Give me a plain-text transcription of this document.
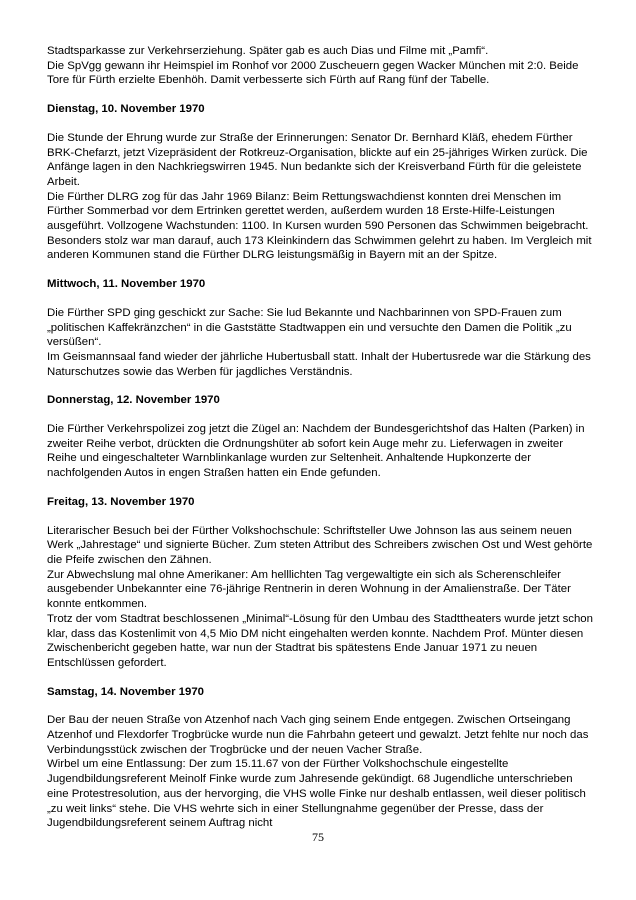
Stadtsparkasse zur Verkehrserziehung. Später gab es auch Dias und Filme mit „Pamfi“.

Die SpVgg gewann ihr Heimspiel im Ronhof vor 2000 Zuscheuern gegen Wacker München mit 2:0. Beide Tore für Fürth erzielte Ebenhöh. Damit verbesserte sich Fürth auf Rang fünf der Tabelle.

Dienstag, 10. November 1970

Die Stunde der Ehrung wurde zur Straße der Erinnerungen: Senator Dr. Bernhard Kläß, ehedem Fürther BRK-Chefarzt, jetzt Vizepräsident der Rotkreuz-Organisation, blickte auf ein 25-jähriges Wirken zurück. Die Anfänge lagen in den Nachkriegswirren 1945. Nun bedankte sich der Kreisverband Fürth für die geleistete Arbeit.

Die Fürther DLRG zog für das Jahr 1969 Bilanz: Beim Rettungswachdienst konnten drei Menschen im Fürther Sommerbad vor dem Ertrinken gerettet werden, außerdem wurden 18 Erste-Hilfe-Leistungen ausgeführt. Vollzogene Wachstunden: 1100. In Kursen wurden 590 Personen das Schwimmen beigebracht. Besonders stolz war man darauf, auch 173 Kleinkindern das Schwimmen gelehrt zu haben. Im Vergleich mit anderen Kommunen stand die Fürther DLRG leistungsmäßig in Bayern mit an der Spitze.

Mittwoch, 11. November 1970

Die Fürther SPD ging geschickt zur Sache: Sie lud Bekannte und Nachbarinnen von SPD-Frauen zum „politischen Kaffekränzchen“ in die Gaststätte Stadtwappen ein und versuchte den Damen die Politik „zu versüßen“.

Im Geismannsaal fand wieder der jährliche Hubertusball statt. Inhalt der Hubertusrede war die Stärkung des Naturschutzes sowie das Werben für jagdliches Verständnis.

Donnerstag, 12. November 1970

Die Fürther Verkehrspolizei zog jetzt die Zügel an: Nachdem der Bundesgerichtshof das Halten (Parken) in zweiter Reihe verbot, drückten die Ordnungshüter ab sofort kein Auge mehr zu. Lieferwagen in zweiter Reihe und eingeschalteter Warnblinkanlage wurden zur Seltenheit. Anhaltende Hupkonzerte der nachfolgenden Autos in engen Straßen hatten ein Ende gefunden.

Freitag, 13. November 1970

Literarischer Besuch bei der Fürther Volkshochschule: Schriftsteller Uwe Johnson las aus seinem neuen Werk „Jahrestage“ und signierte Bücher. Zum steten Attribut des Schreibers zwischen Ost und West gehörte die Pfeife zwischen den Zähnen.

Zur Abwechslung mal ohne Amerikaner: Am helllichten Tag vergewaltigte ein sich als Scherenschleifer ausgebender Unbekannter eine 76-jährige Rentnerin in deren Wohnung in der Amalienstraße. Der Täter konnte entkommen.

Trotz der vom Stadtrat beschlossenen „Minimal“-Lösung für den Umbau des Stadttheaters wurde jetzt schon klar, dass das Kostenlimit von 4,5 Mio DM nicht eingehalten werden konnte. Nachdem Prof. Münter diesen Zwischenbericht gegeben hatte, war nun der Stadtrat bis spätestens Ende Januar 1971 zu neuen Entschlüssen gefordert.

Samstag, 14. November 1970

Der Bau der neuen Straße von Atzenhof nach Vach ging seinem Ende entgegen. Zwischen Ortseingang Atzenhof und Flexdorfer Trogbrücke wurde nun die Fahrbahn geteert und gewalzt. Jetzt fehlte nur noch das Verbindungsstück zwischen der Trogbrücke und der neuen Vacher Straße.

Wirbel um eine Entlassung: Der zum 15.11.67 von der Fürther Volkshochschule eingestellte Jugendbildungsreferent Meinolf Finke wurde zum Jahresende gekündigt. 68 Jugendliche unterschrieben eine Protestresolution, aus der hervorging, die VHS wolle Finke nur deshalb entlassen, weil dieser politisch „zu weit links“ stehe. Die VHS wehrte sich in einer Stellungnahme gegenüber der Presse, dass der Jugendbildungsreferent seinem Auftrag nicht

75
